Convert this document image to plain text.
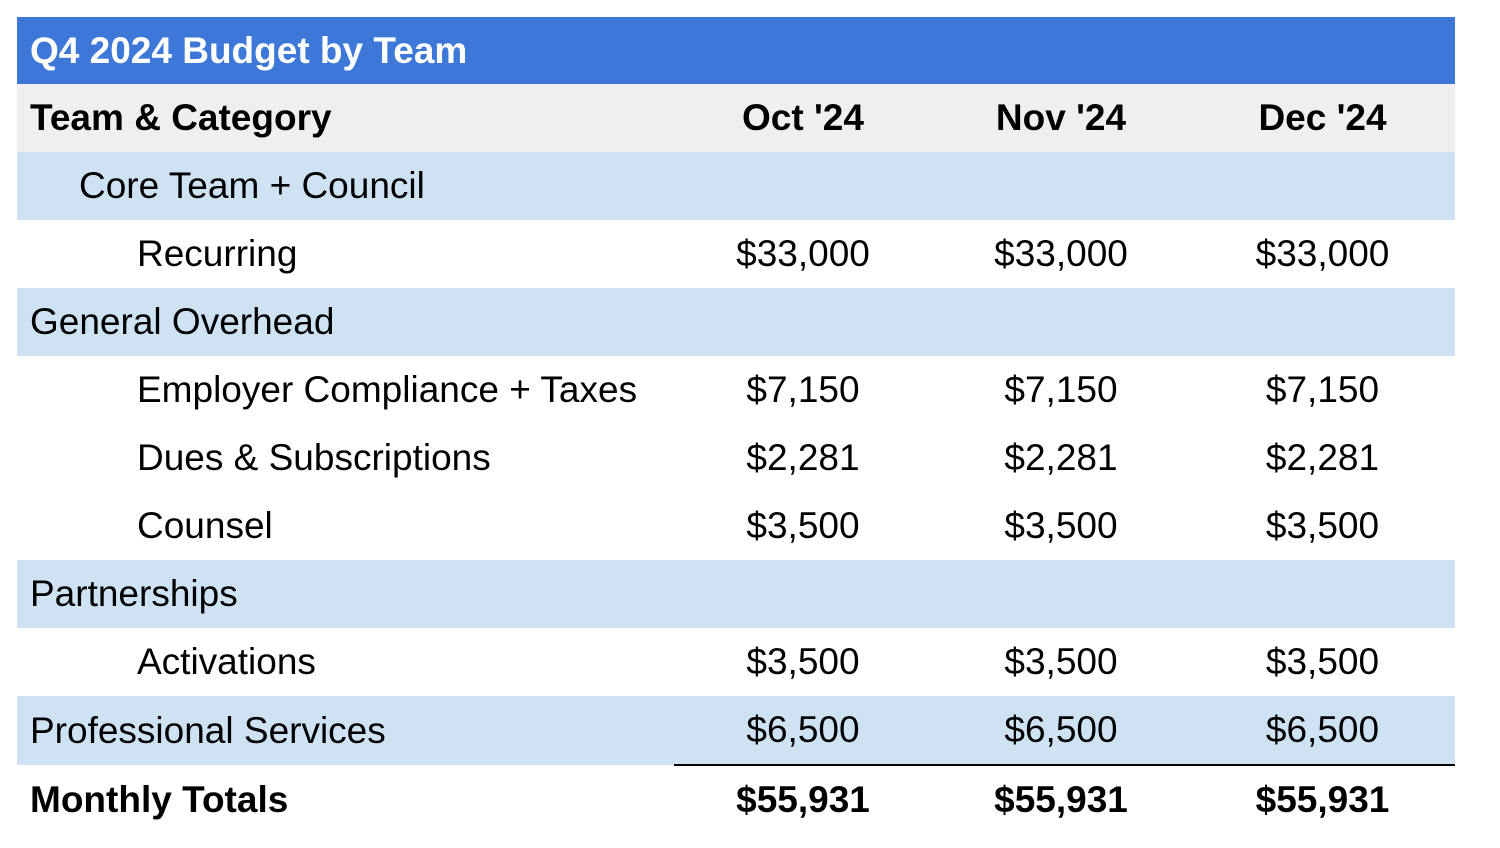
Q4 2024 Budget by Team
Team & Category	Oct '24	Nov '24	Dec '24
Core Team + Council			
Recurring	$33,000	$33,000	$33,000
General Overhead			
Employer Compliance + Taxes	$7,150	$7,150	$7,150
Dues & Subscriptions	$2,281	$2,281	$2,281
Counsel	$3,500	$3,500	$3,500
Partnerships			
Activations	$3,500	$3,500	$3,500
Professional Services	$6,500	$6,500	$6,500
Monthly Totals	$55,931	$55,931	$55,931
